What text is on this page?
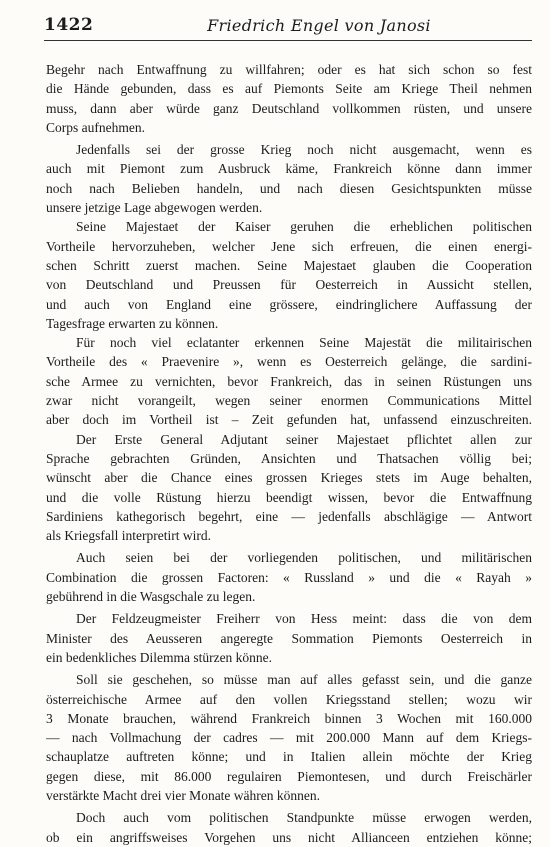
1422	Friedrich Engel von Janosi
Begehr nach Entwaffnung zu willfahren; oder es hat sich schon so fest
die Hände gebunden, dass es auf Piemonts Seite am Kriege Theil nehmen
muss, dann aber würde ganz Deutschland vollkommen rüsten, und unsere
Corps aufnehmen.
Jedenfalls sei der grosse Krieg noch nicht ausgemacht, wenn es
auch mit Piemont zum Ausbruck käme, Frankreich könne dann immer
noch nach Belieben handeln, und nach diesen Gesichtspunkten müsse
unsere jetzige Lage abgewogen werden.
Seine Majestaet der Kaiser geruhen die erheblichen politischen
Vortheile hervorzuheben, welcher Jene sich erfreuen, die einen energi-
schen Schritt zuerst machen. Seine Majestaet glauben die Cooperation
von Deutschland und Preussen für Oesterreich in Aussicht stellen,
und auch von England eine grössere, eindringlichere Auffassung der
Tagesfrage erwarten zu können.
Für noch viel eclatanter erkennen Seine Majestät die militairischen
Vortheile des « Praevenire », wenn es Oesterreich gelänge, die sardini-
sche Armee zu vernichten, bevor Frankreich, das in seinen Rüstungen uns
zwar nicht vorangeilt, wegen seiner enormen Communications Mittel
aber doch im Vortheil ist – Zeit gefunden hat, unfassend einzuschreiten.
Der Erste General Adjutant seiner Majestaet pflichtet allen zur
Sprache gebrachten Gründen, Ansichten und Thatsachen völlig bei;
wünscht aber die Chance eines grossen Krieges stets im Auge behalten,
und die volle Rüstung hierzu beendigt wissen, bevor die Entwaffnung
Sardiniens kathegorisch begehrt, eine — jedenfalls abschlägige — Antwort
als Kriegsfall interpretirt wird.
Auch seien bei der vorliegenden politischen, und militärischen
Combination die grossen Factoren: « Russland » und die « Rayah »
gebührend in die Wasgschale zu legen.
Der Feldzeugmeister Freiherr von Hess meint: dass die von dem
Minister des Aeusseren angeregte Sommation Piemonts Oesterreich in
ein bedenkliches Dilemma stürzen könne.
Soll sie geschehen, so müsse man auf alles gefasst sein, und die ganze
österreichische Armee auf den vollen Kriegsstand stellen; wozu wir
3 Monate brauchen, während Frankreich binnen 3 Wochen mit 160.000
— nach Vollmachung der cadres — mit 200.000 Mann auf dem Kriegs-
schauplatze auftreten könne; und in Italien allein möchte der Krieg
gegen diese, mit 86.000 regulairen Piemontesen, und durch Freischärler
verstärkte Macht drei vier Monate währen können.
Doch auch vom politischen Standpunkte müsse erwogen werden,
ob ein angriffsweises Vorgehen uns nicht Allianceen entziehen könne;
